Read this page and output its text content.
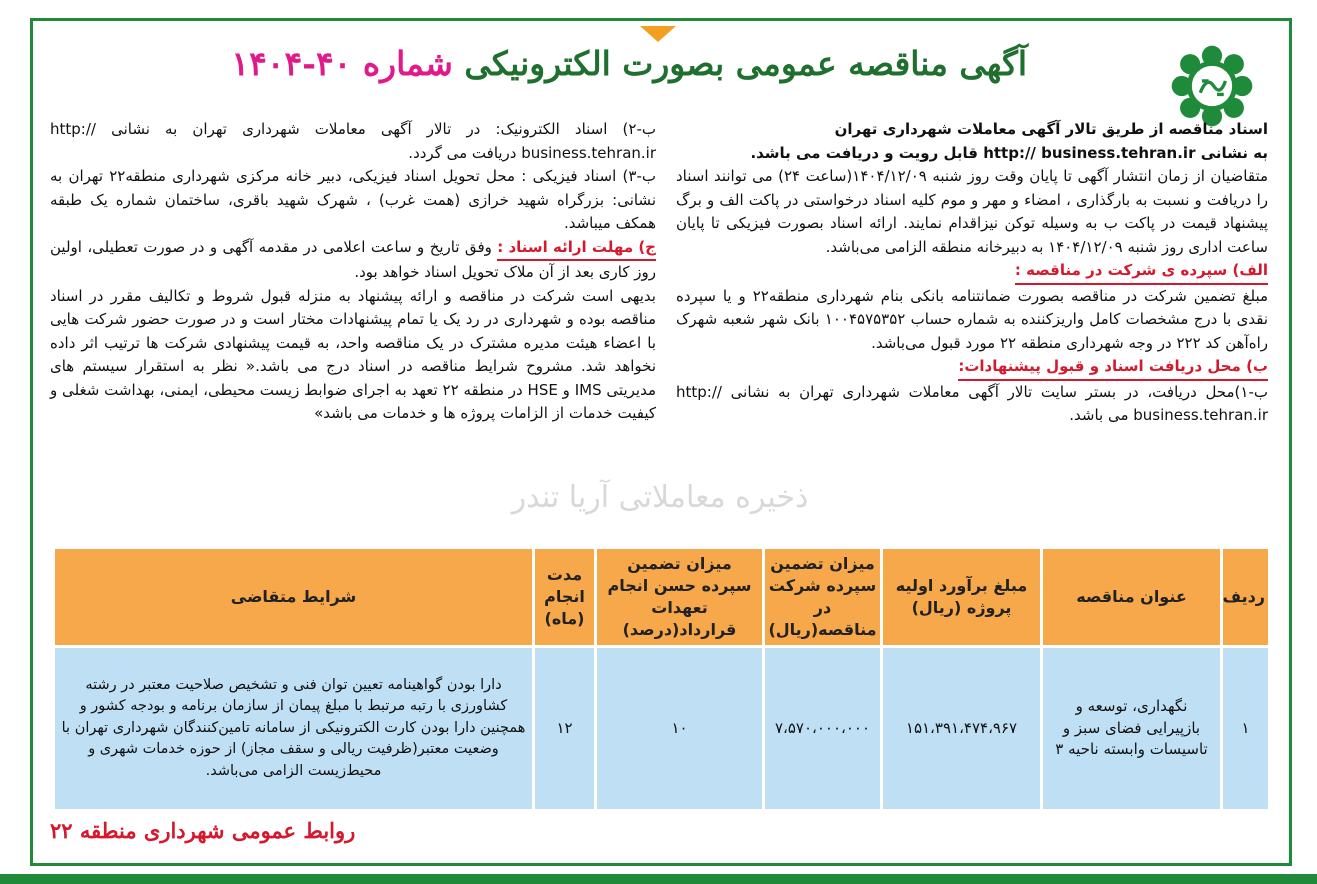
آگهی مناقصه عمومی بصورت الکترونیکی شماره ۴۰-۱۴۰۴

اسناد مناقصه از طریق تالار آگهی معاملات شهرداری تهران

به نشانی http:// business.tehran.ir قابل رویت و دریافت می باشد.

متقاضیان از زمان انتشار آگهی تا پایان وقت روز شنبه ۱۴۰۴/۱۲/۰۹(ساعت ۲۴) می توانند اسناد را دریافت و نسبت به بارگذاری ، امضاء و مهر و موم کلیه اسناد درخواستی در پاکت الف و برگ پیشنهاد قیمت در پاکت ب به وسیله توکن نیزاقدام نمایند. ارائه اسناد بصورت فیزیکی تا پایان ساعت اداری روز شنبه ۱۴۰۴/۱۲/۰۹ به دبیرخانه منطقه الزامی می‌باشد.

الف) سپرده ی شرکت در مناقصه :

مبلغ تضمین شرکت در مناقصه بصورت ضمانتنامه بانکی بنام شهرداری منطقه۲۲ و یا سپرده نقدی با درج مشخصات کامل واریزکننده به شماره حساب ۱۰۰۴۵۷۵۳۵۲ بانک شهر شعبه شهرک راه‌آهن کد ۲۲۲ در وجه شهرداری منطقه ۲۲ مورد قبول می‌باشد.

ب) محل دریافت اسناد و قبول پیشنهادات:

ب-۱)محل دریافت، در بستر سایت تالار آگهی معاملات شهرداری تهران به نشانی http:// business.tehran.ir می باشد.

ب-۲) اسناد الکترونیک: در تالار آگهی معاملات شهرداری تهران به نشانی http:// business.tehran.ir دریافت می گردد.

ب-۳) اسناد فیزیکی : محل تحویل اسناد فیزیکی، دبیر خانه مرکزی شهرداری منطقه۲۲ تهران به نشانی: بزرگراه شهید خرازی (همت غرب) ، شهرک شهید باقری، ساختمان شماره یک طبقه همکف میباشد.

ج) مهلت ارائه اسناد : وفق تاریخ و ساعت اعلامی در مقدمه آگهی و در صورت تعطیلی، اولین روز کاری بعد از آن ملاک تحویل اسناد خواهد بود.

بدیهی است شرکت در مناقصه و ارائه پیشنهاد به منزله قبول شروط و تکالیف مقرر در اسناد مناقصه بوده و شهرداری در رد یک یا تمام پیشنهادات مختار است و در صورت حضور شرکت هایی با اعضاء هیئت مدیره مشترک در یک مناقصه واحد، به قیمت پیشنهادی شرکت ها ترتیب اثر داده نخواهد شد. مشروح شرایط مناقصه در اسناد درج می باشد.« نظر به استقرار سیستم های مدیریتی IMS و HSE در منطقه ۲۲ تعهد به اجرای ضوابط زیست محیطی، ایمنی، بهداشت شغلی و کیفیت خدمات از الزامات پروژه ها و خدمات می باشد»

ذخیره معاملاتی آریا تندر
ردیف	عنوان مناقصه	مبلغ برآورد اولیه پروژه (ریال)	میزان تضمین سپرده شرکت در مناقصه(ریال)	میزان تضمین سپرده حسن انجام تعهدات قرارداد(درصد)	مدت انجام (ماه)	شرایط متقاضی
۱	نگهداری، توسعه و بازپیرایی فضای سبز و تاسیسات وابسته ناحیه ۳	۱۵۱،۳۹۱،۴۷۴،۹۶۷	۷،۵۷۰،۰۰۰،۰۰۰	۱۰	۱۲	دارا بودن گواهینامه تعیین توان فنی و تشخیص صلاحیت معتبر در رشته کشاورزی با رتبه مرتبط با مبلغ پیمان از سازمان برنامه و بودجه کشور و همچنین دارا بودن کارت الکترونیکی از سامانه تامین‌کنندگان شهرداری تهران با وضعیت معتبر(ظرفیت ریالی و سقف مجاز) از حوزه خدمات شهری و محیط‌زیست الزامی می‌باشد.
روابط عمومی شهرداری منطقه ۲۲
